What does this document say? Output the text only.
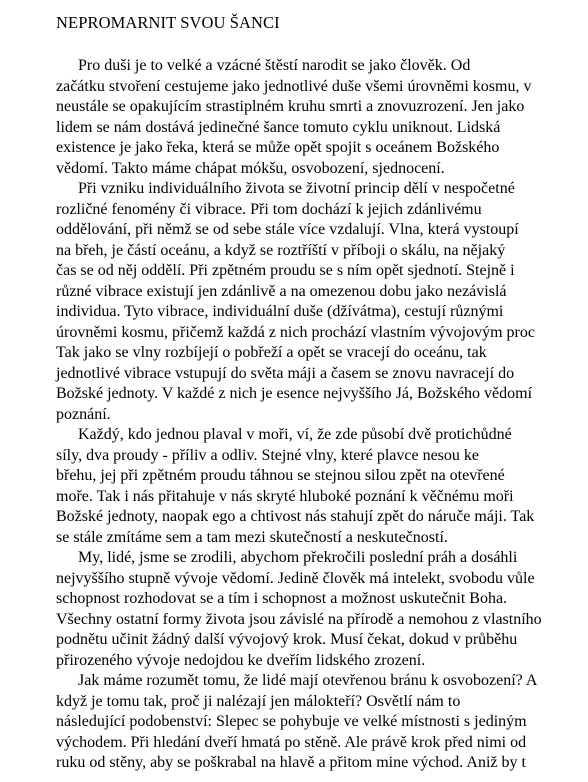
NEPROMARNIT SVOU ŠANCI
Pro duši je to velké a vzácné štěstí narodit se jako člověk. Od
začátku stvoření cestujeme jako jednotlivé duše všemi úrovněmi kosmu, v
neustále se opakujícím strastiplném kruhu smrti a znovuzrození. Jen jako
lidem se nám dostává jedinečné šance tomuto cyklu uniknout. Lidská
existence je jako řeka, která se může opět spojit s oceánem Božského
vědomí. Takto máme chápat mókšu, osvobození, sjednocení.
Při vzniku individuálního života se životní princip dělí v nespočetné
rozličné fenomény či vibrace. Při tom dochází k jejich zdánlivému
oddělování, při němž se od sebe stále více vzdalují. Vlna, která vystoupí
na břeh, je částí oceánu, a když se roztříští v příboji o skálu, na nějaký
čas se od něj oddělí. Při zpětném proudu se s ním opět sjednotí. Stejně i
různé vibrace existují jen zdánlivě a na omezenou dobu jako nezávislá
individua. Tyto vibrace, individuální duše (džívátma), cestují různými
úrovněmi kosmu, přičemž každá z nich prochází vlastním vývojovým proc
Tak jako se vlny rozbíjejí o pobřeží a opět se vracejí do oceánu, tak
jednotlivé vibrace vstupují do světa máji a časem se znovu navracejí do
Božské jednoty. V každé z nich je esence nejvyššího Já, Božského vědomí
poznání.
Každý, kdo jednou plaval v moři, ví, že zde působí dvě protichůdné
síly, dva proudy - příliv a odliv. Stejné vlny, které plavce nesou ke
břehu, jej při zpětném proudu táhnou se stejnou silou zpět na otevřené
moře. Tak i nás přitahuje v nás skryté hluboké poznání k věčnému moři
Božské jednoty, naopak ego a chtivost nás stahují zpět do náruče máji. Tak
se stále zmítáme sem a tam mezi skutečností a neskutečností.
My, lidé, jsme se zrodili, abychom překročili poslední práh a dosáhli
nejvyššího stupně vývoje vědomí. Jedině člověk má intelekt, svobodu vůle
schopnost rozhodovat se a tím i schopnost a možnost uskutečnit Boha.
Všechny ostatní formy života jsou závislé na přírodě a nemohou z vlastního
podnětu učinit žádný další vývojový krok. Musí čekat, dokud v průběhu
přirozeného vývoje nedojdou ke dveřím lidského zrození.
Jak máme rozumět tomu, že lidé mají otevřenou bránu k osvobození? A
když je tomu tak, proč ji nalézají jen málokteří? Osvětlí nám to
následující podobenství: Slepec se pohybuje ve velké místnosti s jediným
východem. Při hledání dveří hmatá po stěně. Ale právě krok před nimi od
ruku od stěny, aby se poškrabal na hlavě a přitom mine východ. Aniž by t
